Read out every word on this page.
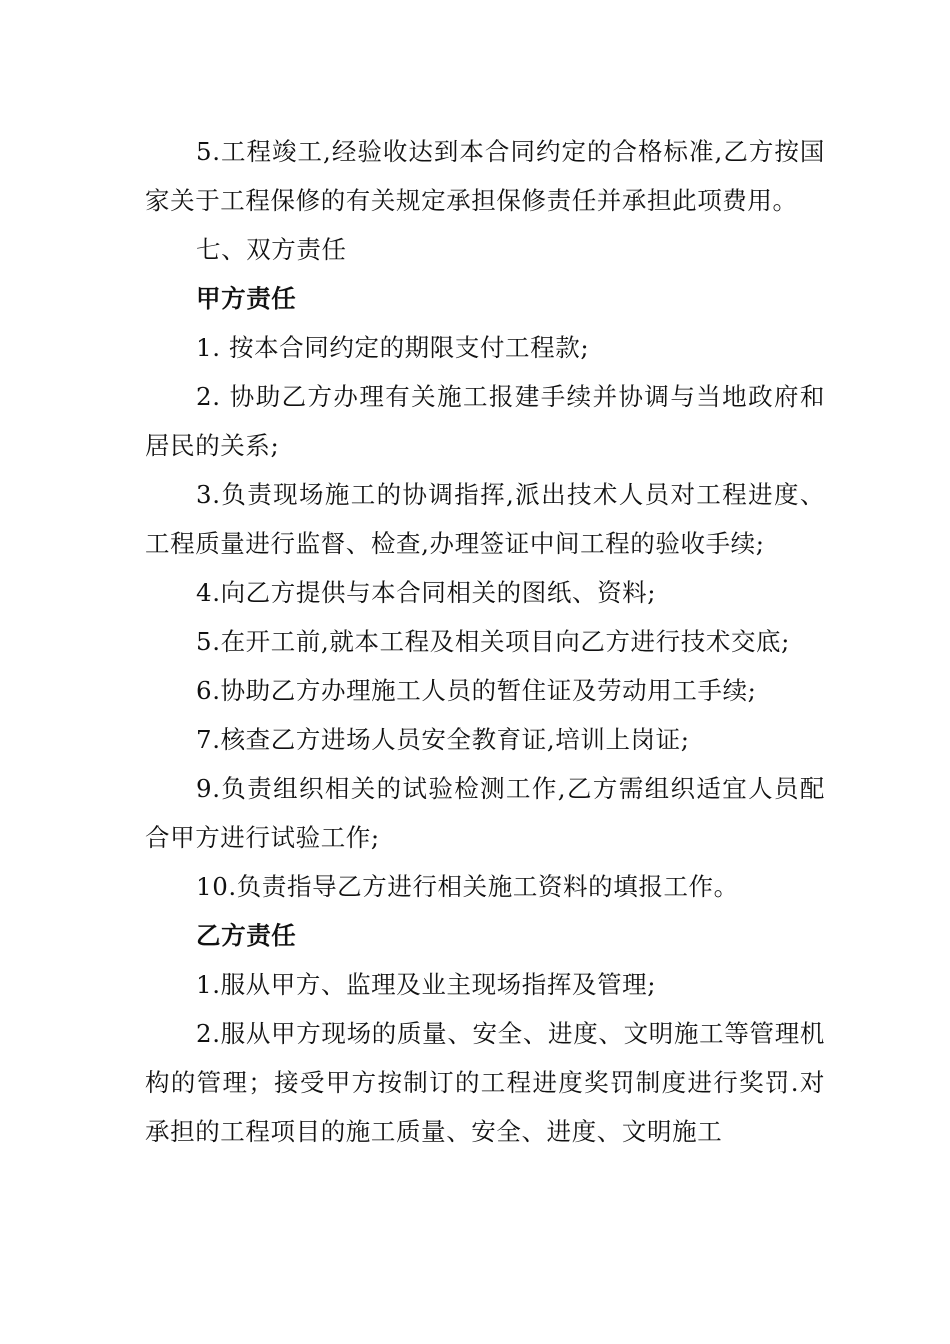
5.工程竣工,经验收达到本合同约定的合格标准,乙方按国家关于工程保修的有关规定承担保修责任并承担此项费用。

七、双方责任

甲方责任

1. 按本合同约定的期限支付工程款;

2. 协助乙方办理有关施工报建手续并协调与当地政府和居民的关系;

3.负责现场施工的协调指挥,派出技术人员对工程进度、工程质量进行监督、检查,办理签证中间工程的验收手续;

4.向乙方提供与本合同相关的图纸、资料;

5.在开工前,就本工程及相关项目向乙方进行技术交底;

6.协助乙方办理施工人员的暂住证及劳动用工手续;

7.核查乙方进场人员安全教育证,培训上岗证;

9.负责组织相关的试验检测工作,乙方需组织适宜人员配合甲方进行试验工作;

10.负责指导乙方进行相关施工资料的填报工作。

乙方责任

1.服从甲方、监理及业主现场指挥及管理;

2.服从甲方现场的质量、安全、进度、文明施工等管理机构的管理；接受甲方按制订的工程进度奖罚制度进行奖罚.对承担的工程项目的施工质量、安全、进度、文明施工
